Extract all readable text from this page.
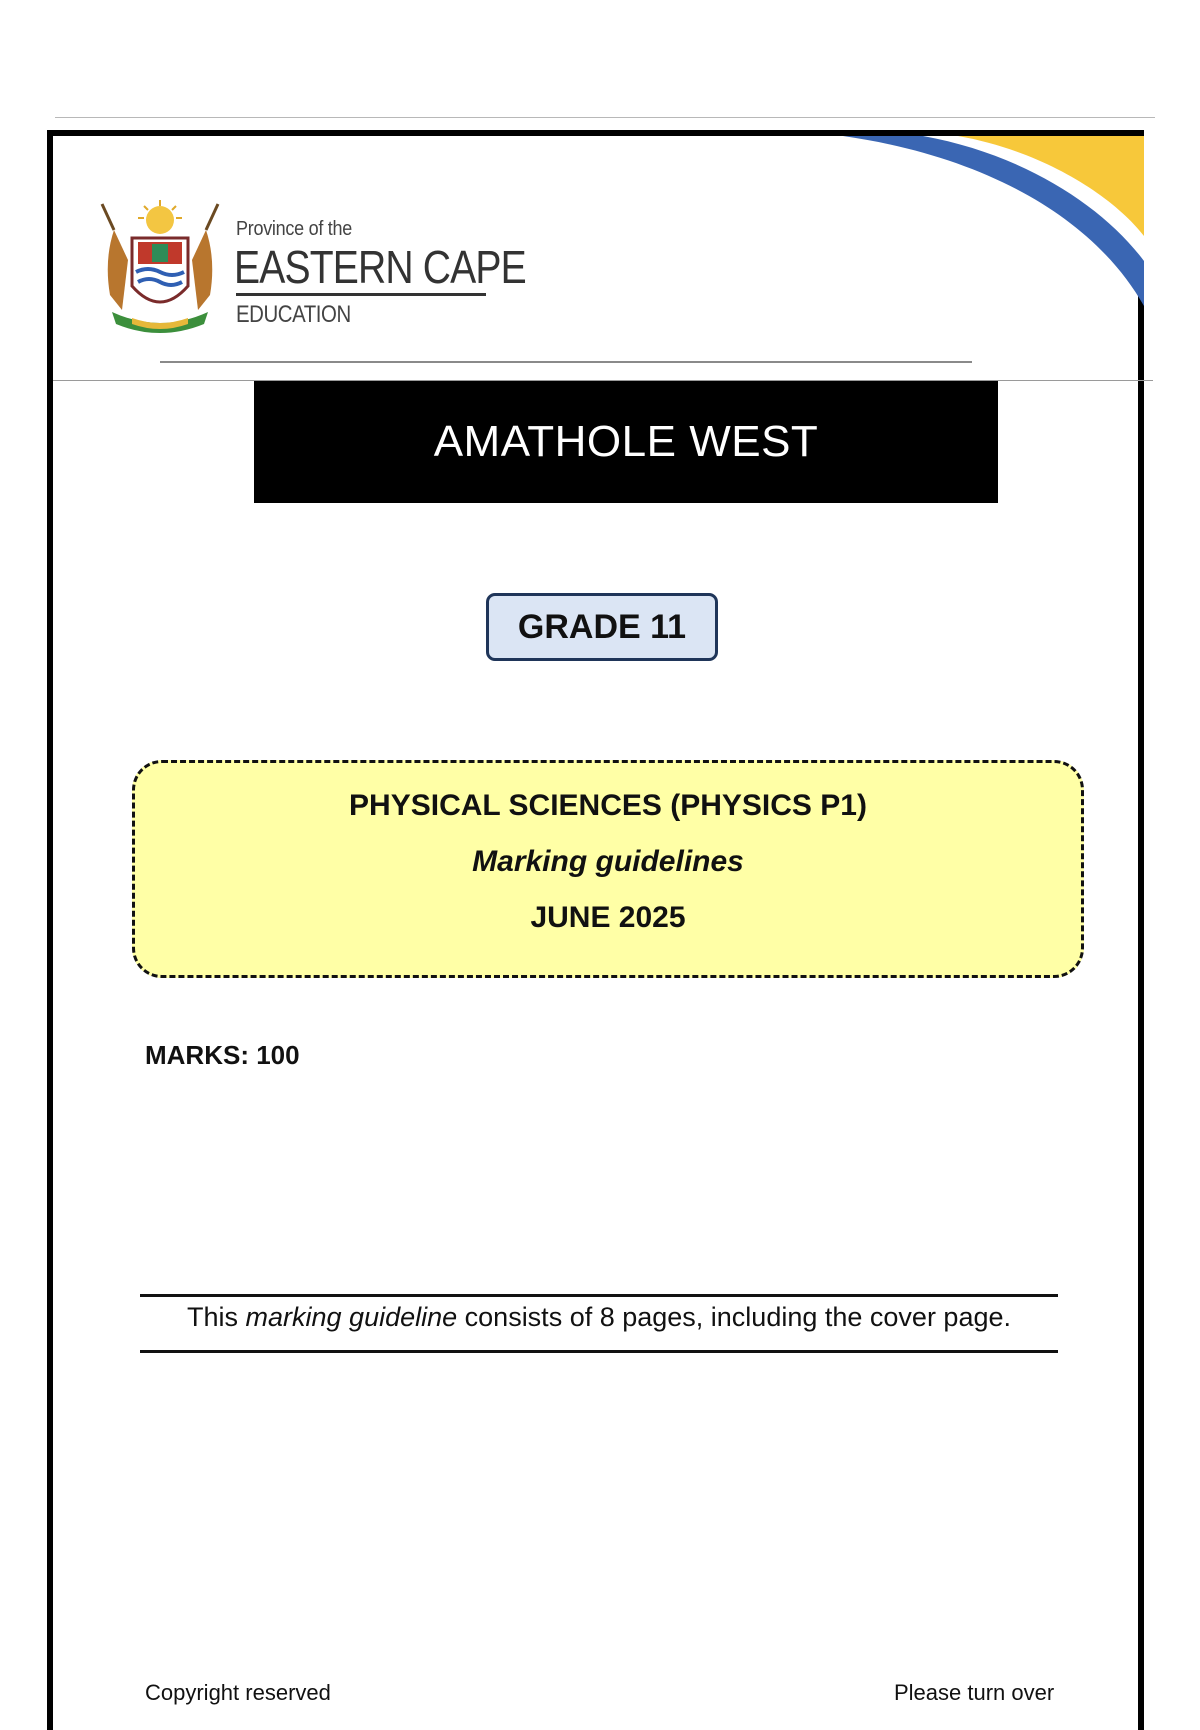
Province of the
EASTERN CAPE
EDUCATION
AMATHOLE WEST
GRADE 11
PHYSICAL SCIENCES (PHYSICS P1)
Marking guidelines
JUNE 2025
MARKS: 100
This marking guideline consists of 8 pages, including the cover page.
Copyright reserved	Please turn over
